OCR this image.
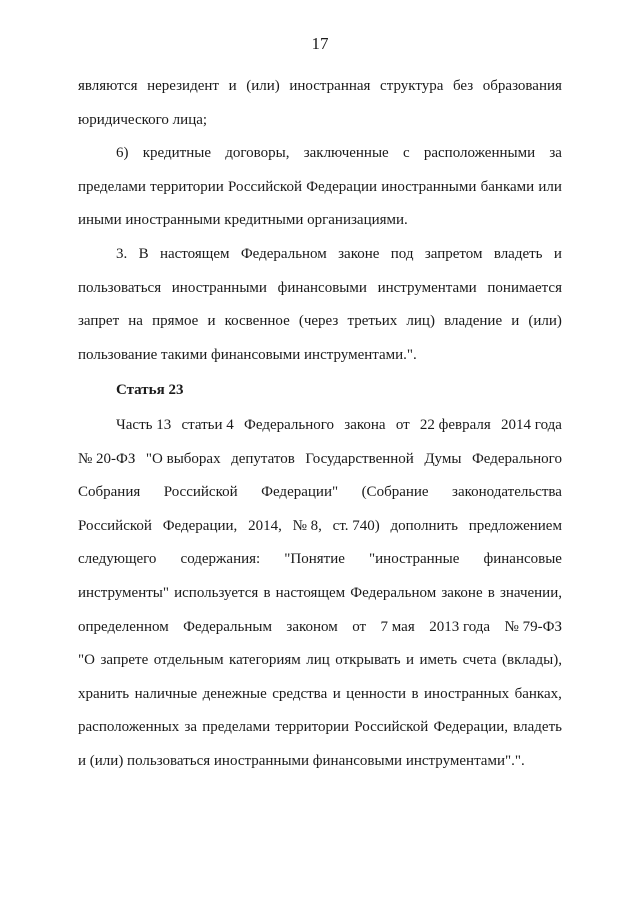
17
являются нерезидент и (или) иностранная структура без образования
юридического лица;
6) кредитные договоры, заключенные с расположенными за
пределами территории Российской Федерации иностранными банками или
иными иностранными кредитными организациями.
3. В настоящем Федеральном законе под запретом владеть и
пользоваться иностранными финансовыми инструментами понимается
запрет на прямое и косвенное (через третьих лиц) владение и (или)
пользование такими финансовыми инструментами.".
Статья 23
Часть 13 статьи 4 Федерального закона от 22 февраля 2014 года
№ 20-ФЗ "О выборах депутатов Государственной Думы Федерального
Собрания Российской Федерации" (Собрание законодательства
Российской Федерации, 2014, № 8, ст. 740) дополнить предложением
следующего содержания: "Понятие "иностранные финансовые
инструменты" используется в настоящем Федеральном законе в значении,
определенном Федеральным законом от 7 мая 2013 года № 79-ФЗ
"О запрете отдельным категориям лиц открывать и иметь счета (вклады),
хранить наличные денежные средства и ценности в иностранных банках,
расположенных за пределами территории Российской Федерации, владеть
и (или) пользоваться иностранными финансовыми инструментами".".
